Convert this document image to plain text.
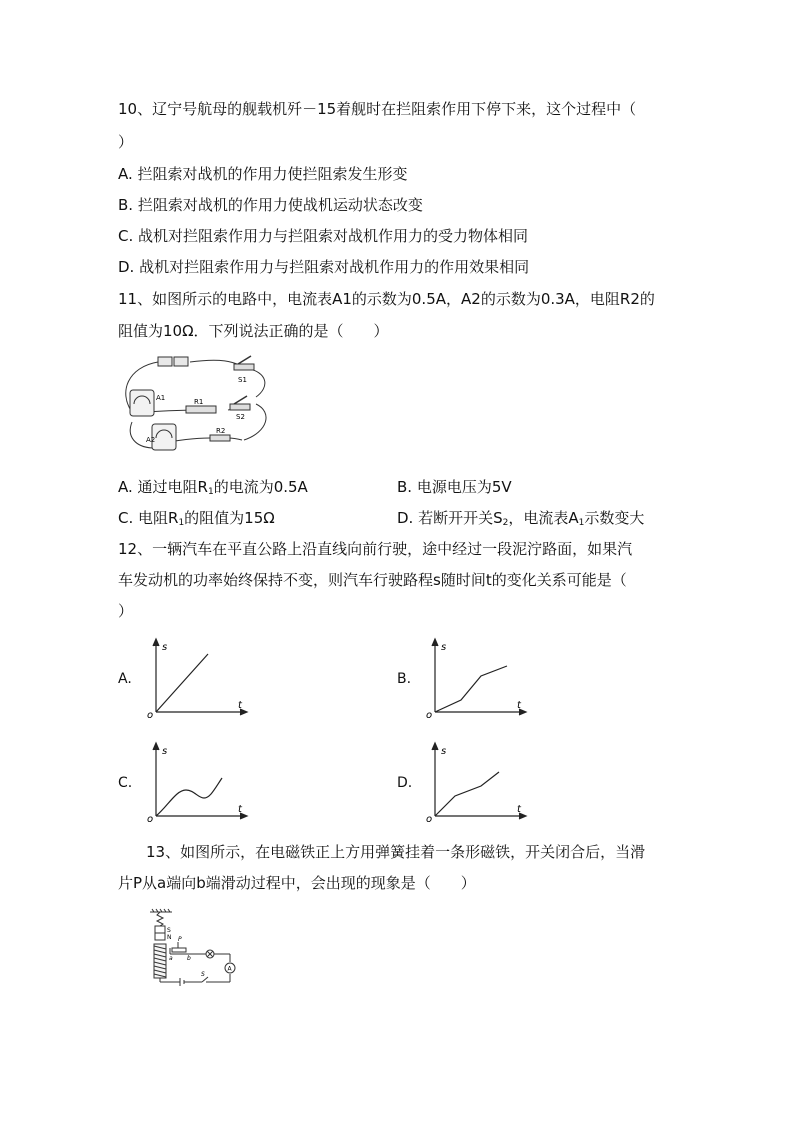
10、辽宁号航母的舰载机歼－15着舰时在拦阻索作用下停下来，这个过程中（
）
A. 拦阻索对战机的作用力使拦阻索发生形变
B. 拦阻索对战机的作用力使战机运动状态改变
C. 战机对拦阻索作用力与拦阻索对战机作用力的受力物体相同
D. 战机对拦阻索作用力与拦阻索对战机作用力的作用效果相同
11、如图所示的电路中，电流表A1的示数为0.5A，A2的示数为0.3A，电阻R2的
阻值为10Ω．下列说法正确的是（　　）
S1
A1	R1
S2
A2
R2
A. 通过电阻$R_1$的电流为0.5A	B. 电源电压为5V
C. 电阻$R_1$的阻值为15Ω	D. 若断开开关$S_2$，电流表$A_1$示数变大
12、一辆汽车在平直公路上沿直线向前行驶，途中经过一段泥泞路面，如果汽
车发动机的功率始终保持不变，则汽车行驶路程s随时间t的变化关系可能是（
）
A.	B.
C.	D.
s
t
o
s
t
o
s
t
o
s
t
o
13、如图所示，在电磁铁正上方用弹簧挂着一条形磁铁，开关闭合后，当滑
片P从a端向b端滑动过程中，会出现的现象是（　　）
S
N P
a b
A
S
